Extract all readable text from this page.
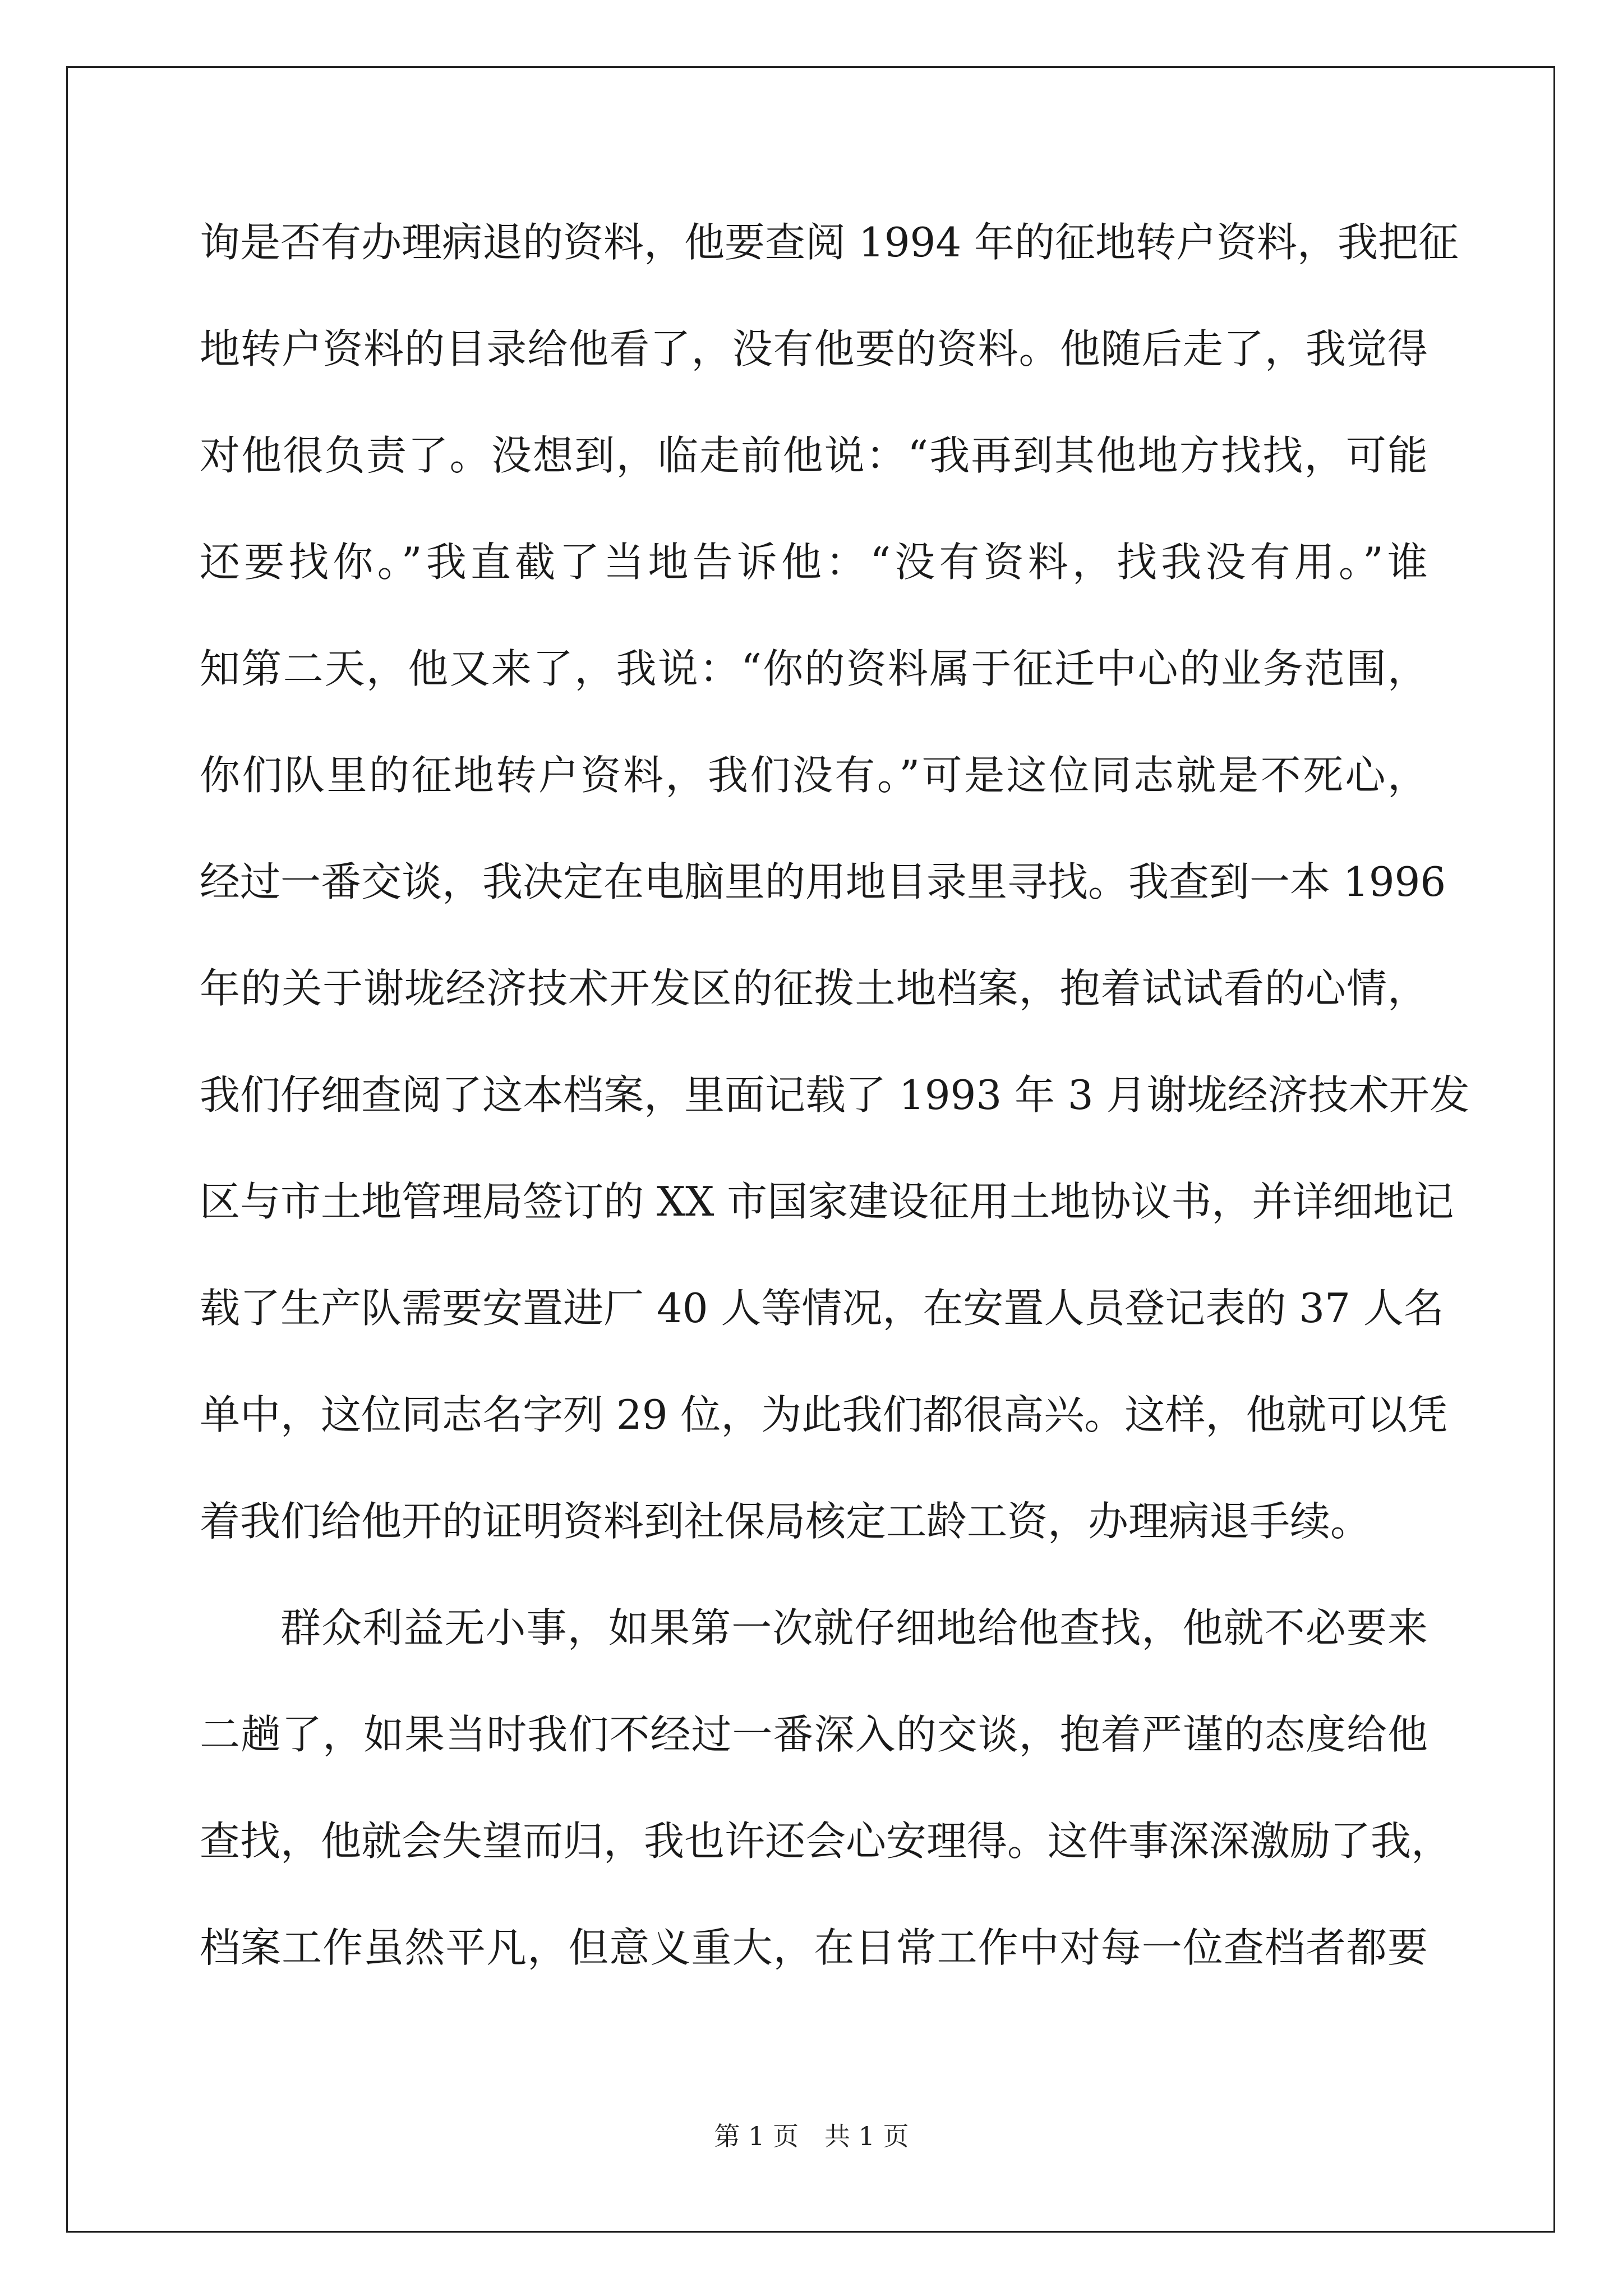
询是否有办理病退的资料，他要查阅 1994 年的征地转户资料，我把征
地转户资料的目录给他看了，没有他要的资料。他随后走了，我觉得
对他很负责了。没想到，临走前他说：“我再到其他地方找找，可能
还要找你。”我直截了当地告诉他：“没有资料，找我没有用。”谁
知第二天，他又来了，我说：“你的资料属于征迁中心的业务范围，
你们队里的征地转户资料，我们没有。”可是这位同志就是不死心，
经过一番交谈，我决定在电脑里的用地目录里寻找。我查到一本 1996
年的关于谢垅经济技术开发区的征拨土地档案，抱着试试看的心情，
我们仔细查阅了这本档案，里面记载了 1993 年 3 月谢垅经济技术开发
区与市土地管理局签订的 XX 市国家建设征用土地协议书，并详细地记
载了生产队需要安置进厂 40 人等情况，在安置人员登记表的 37 人名
单中，这位同志名字列 29 位，为此我们都很高兴。这样，他就可以凭
着我们给他开的证明资料到社保局核定工龄工资，办理病退手续。
群众利益无小事，如果第一次就仔细地给他查找，他就不必要来
二趟了，如果当时我们不经过一番深入的交谈，抱着严谨的态度给他
查找，他就会失望而归，我也许还会心安理得。这件事深深激励了我，
档案工作虽然平凡，但意义重大，在日常工作中对每一位查档者都要
第 1 页 共 1 页
